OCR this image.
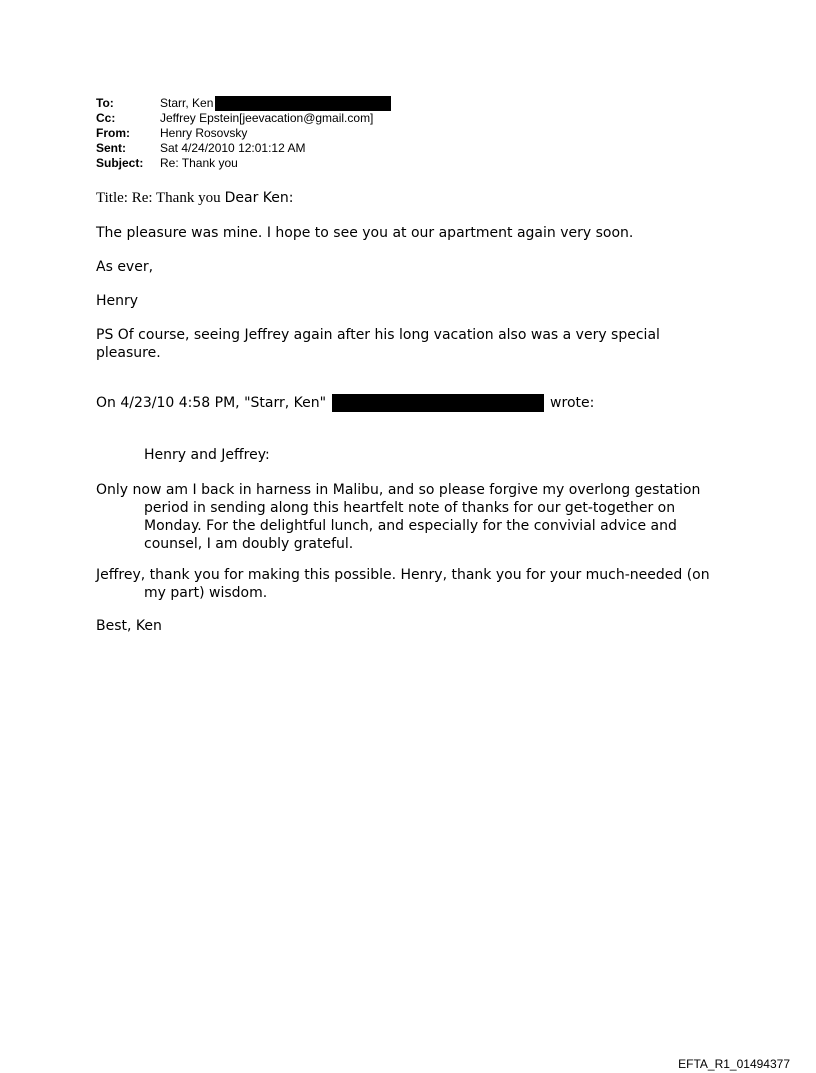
To:	Starr, Ken
Cc:	Jeffrey Epstein[jeevacation@gmail.com]
From:	Henry Rosovsky
Sent:	Sat 4/24/2010 12:01:12 AM
Subject:	Re: Thank you
Title: Re: Thank you Dear Ken:
The pleasure was mine. I hope to see you at our apartment again very soon.
As ever,
Henry
PS Of course, seeing Jeffrey again after his long vacation also was a very special pleasure.
On 4/23/10 4:58 PM, "Starr, Ken"	wrote:
Henry and Jeffrey:
Only now am I back in harness in Malibu, and so please forgive my overlong gestation period in sending along this heartfelt note of thanks for our get-together on Monday. For the delightful lunch, and especially for the convivial advice and counsel, I am doubly grateful.
Jeffrey, thank you for making this possible. Henry, thank you for your much-needed (on my part) wisdom.
Best, Ken
EFTA_R1_01494377
